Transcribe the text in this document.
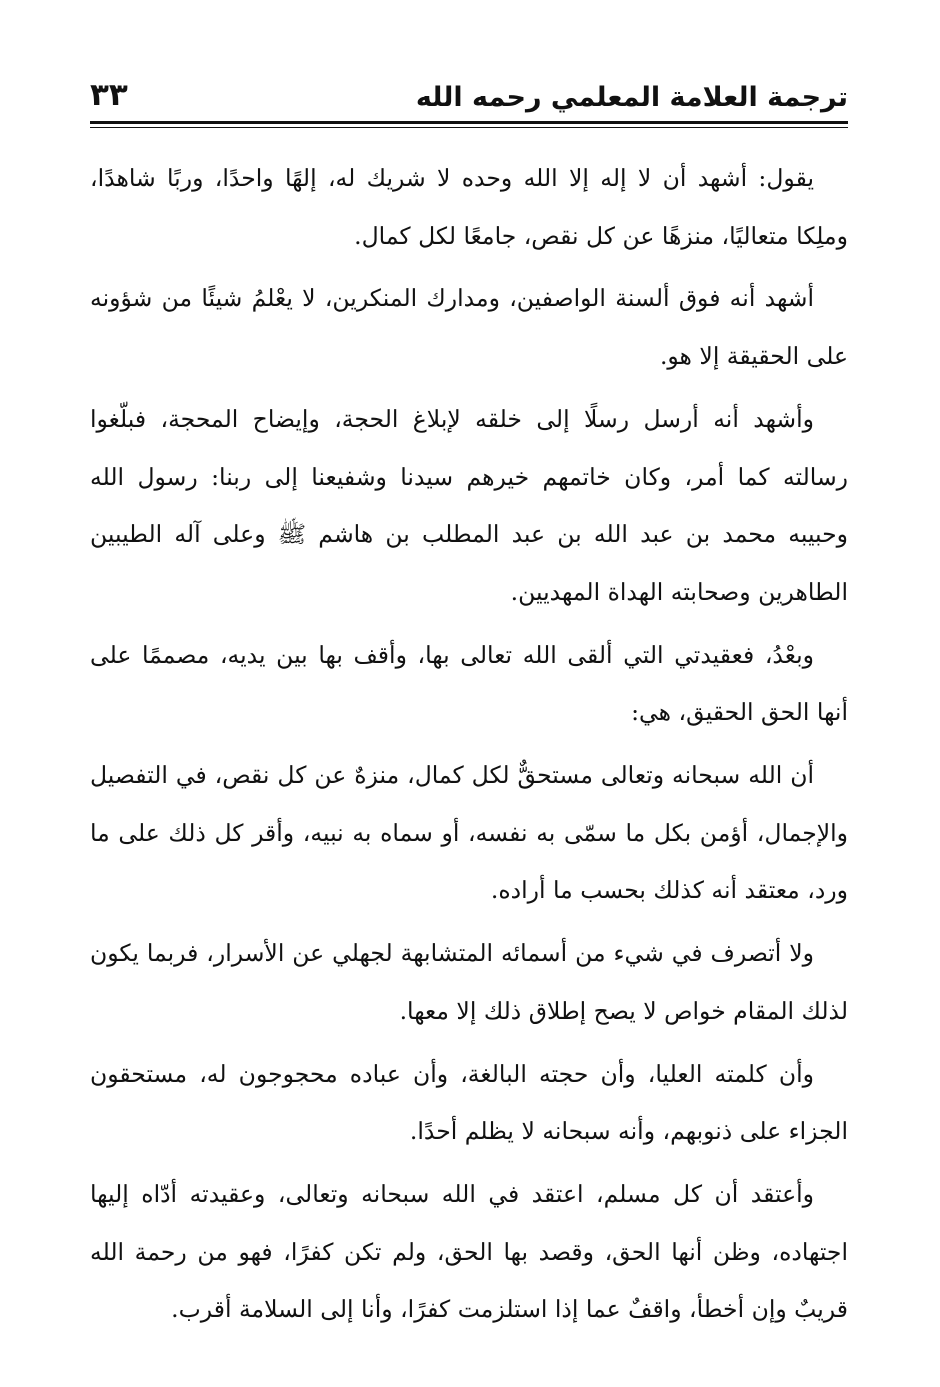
ترجمة العلامة المعلمي رحمه الله
٣٣

يقول: أشهد أن لا إله إلا الله وحده لا شريك له، إلهًا واحدًا، وربًا شاهدًا، وملِكا متعاليًا، منزهًا عن كل نقص، جامعًا لكل كمال.

أشهد أنه فوق ألسنة الواصفين، ومدارك المنكرين، لا يعْلمُ شيئًا من شؤونه على الحقيقة إلا هو.

وأشهد أنه أرسل رسلًا إلى خلقه لإبلاغ الحجة، وإيضاح المحجة، فبلّغوا رسالته كما أمر، وكان خاتمهم خيرهم سيدنا وشفيعنا إلى ربنا: رسول الله وحبيبه محمد بن عبد الله بن عبد المطلب بن هاشم ﷺ وعلى آله الطيبين الطاهرين وصحابته الهداة المهديين.

وبعْدُ، فعقيدتي التي ألقى الله تعالى بها، وأقف بها بين يديه، مصممًا على أنها الحق الحقيق، هي:

أن الله سبحانه وتعالى مستحقٌّ لكل كمال، منزهٌ عن كل نقص، في التفصيل والإجمال، أؤمن بكل ما سمّى به نفسه، أو سماه به نبيه، وأقر كل ذلك على ما ورد، معتقد أنه كذلك بحسب ما أراده.

ولا أتصرف في شيء من أسمائه المتشابهة لجهلي عن الأسرار، فربما يكون لذلك المقام خواص لا يصح إطلاق ذلك إلا معها.

وأن كلمته العليا، وأن حجته البالغة، وأن عباده محجوجون له، مستحقون الجزاء على ذنوبهم، وأنه سبحانه لا يظلم أحدًا.

وأعتقد أن كل مسلم، اعتقد في الله سبحانه وتعالى، وعقيدته أدّاه إليها اجتهاده، وظن أنها الحق، وقصد بها الحق، ولم تكن كفرًا، فهو من رحمة الله قريبٌ وإن أخطأ، واقفٌ عما إذا استلزمت كفرًا، وأنا إلى السلامة أقرب.
